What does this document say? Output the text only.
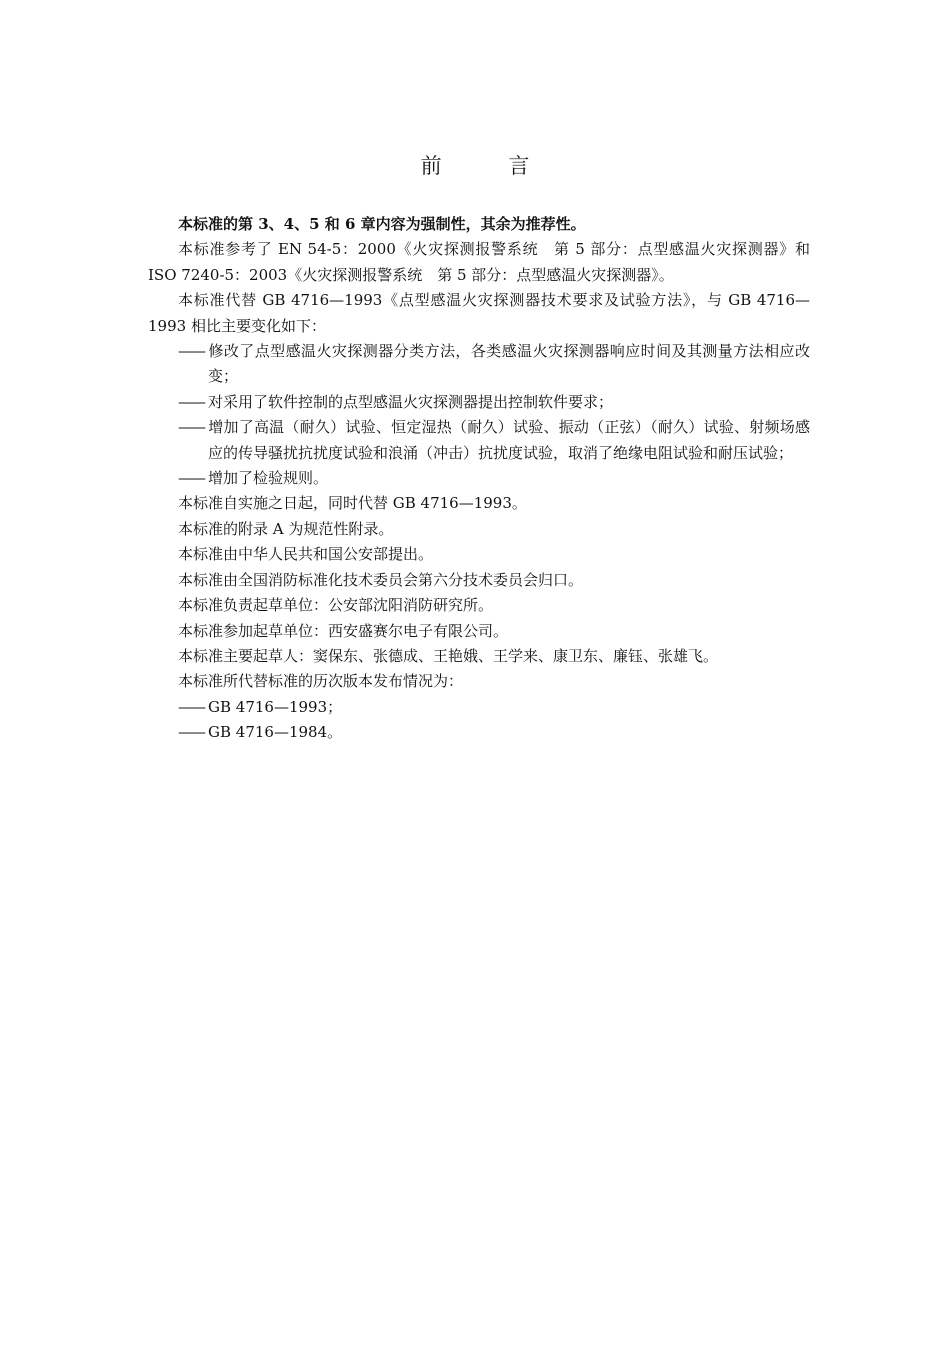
前 言

本标准的第 3、4、5 和 6 章内容为强制性，其余为推荐性。

本标准参考了 EN 54-5：2000《火灾探测报警系统　第 5 部分：点型感温火灾探测器》和 ISO 7240-5：2003《火灾探测报警系统　第 5 部分：点型感温火灾探测器》。

本标准代替 GB 4716—1993《点型感温火灾探测器技术要求及试验方法》，与 GB 4716—1993 相比主要变化如下：

—— 修改了点型感温火灾探测器分类方法，各类感温火灾探测器响应时间及其测量方法相应改变；

—— 对采用了软件控制的点型感温火灾探测器提出控制软件要求；

—— 增加了高温（耐久）试验、恒定湿热（耐久）试验、振动（正弦）（耐久）试验、射频场感应的传导骚扰抗扰度试验和浪涌（冲击）抗扰度试验，取消了绝缘电阻试验和耐压试验；

—— 增加了检验规则。

本标准自实施之日起，同时代替 GB 4716—1993。

本标准的附录 A 为规范性附录。

本标准由中华人民共和国公安部提出。

本标准由全国消防标准化技术委员会第六分技术委员会归口。

本标准负责起草单位：公安部沈阳消防研究所。

本标准参加起草单位：西安盛赛尔电子有限公司。

本标准主要起草人：窦保东、张德成、王艳娥、王学来、康卫东、廉钰、张雄飞。

本标准所代替标准的历次版本发布情况为：

—— GB 4716—1993；

—— GB 4716—1984。
